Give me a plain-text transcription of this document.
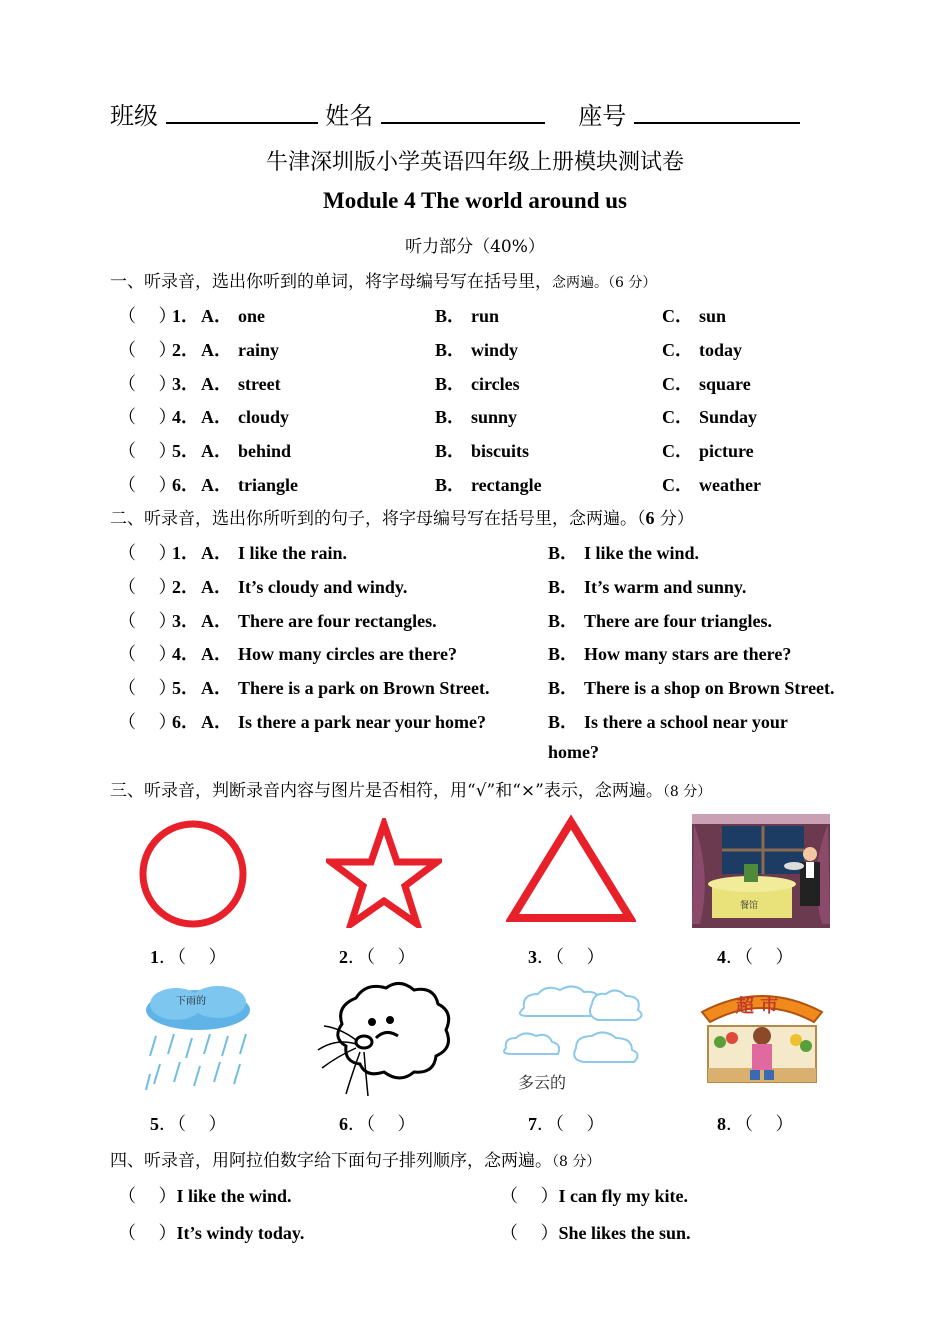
班级	姓名	座号
牛津深圳版小学英语四年级上册模块测试卷
Module 4 The world around us
听力部分（40%）
一、听录音，选出你听到的单词，将字母编号写在括号里，念两遍。（6 分）
（　 ）
1． A． one	B． run	C． sun
（　 ）
2． A． rainy	B． windy	C． today
（　 ）
3． A． street	B． circles	C． square
（　 ）
4． A． cloudy	B． sunny	C． Sunday
（　 ）
5． A． behind	B． biscuits	C． picture
（　 ）
6． A． triangle	B． rectangle	C． weather
二、听录音，选出你所听到的句子，将字母编号写在括号里，念两遍。（6 分）
（　 ）
1． A． I like the rain.	B． I like the wind.
（　 ）
2． A． It’s cloudy and windy.	B． It’s warm and sunny.
（　 ）
3． A． There are four rectangles.	B． There are four triangles.
（　 ）
4． A． How many circles are there?	B． How many stars are there?
（　 ）
5． A． There is a park on Brown Street.	B． There is a shop on Brown Street.
（　 ）
6． A． Is there a park near your home?	B． Is there a school near your
home?
三、听录音，判断录音内容与图片是否相符，用“√”和“×”表示，念两遍。（8 分）
餐馆
1．（　 ）	2．（　 ）	3．（　 ）	4．（　 ）
下雨的
多云的
超 市
5．（　 ）	6．（　 ）	7．（　 ）	8．（　 ）
四、听录音，用阿拉伯数字给下面句子排列顺序，念两遍。（8 分）
（　 ）I like the wind.	（　 ）I can fly my kite.
（　 ）It’s windy today.	（　 ）She likes the sun.
